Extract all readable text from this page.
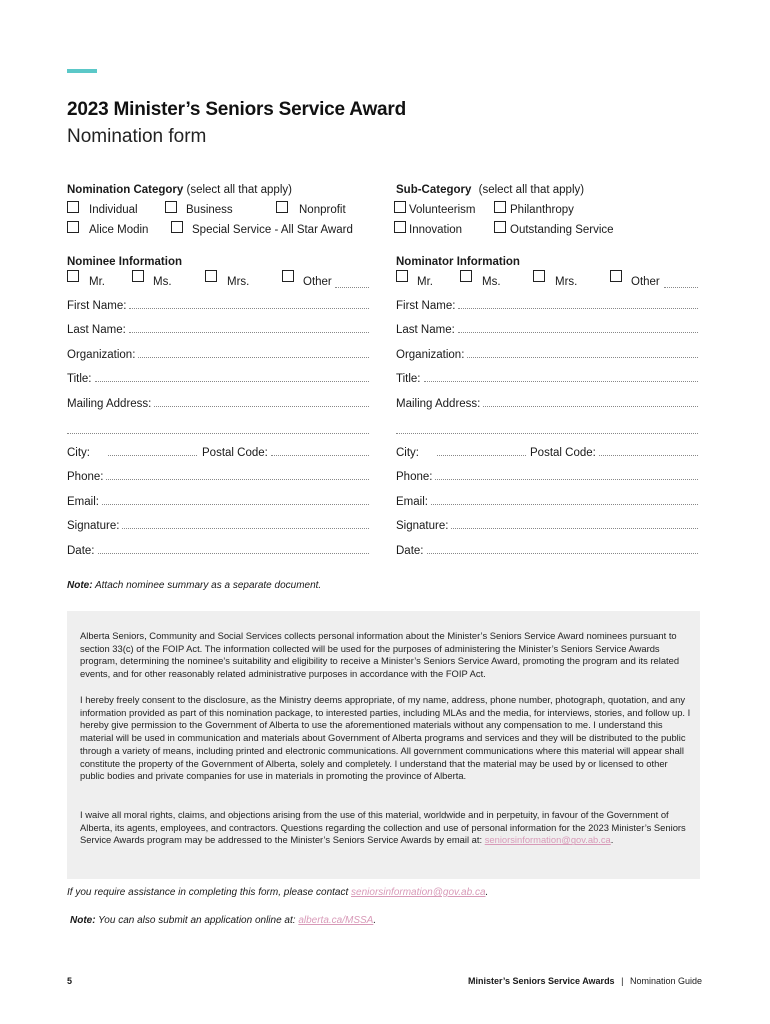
2023 Minister’s Seniors Service Award
Nomination form
Nomination Category (select all that apply)
Individual	Business	Nonprofit
Alice Modin	Special Service - All Star Award
Sub-Category (select all that apply)
Volunteerism	Philanthropy
Innovation	Outstanding Service
Nominee Information
Mr.	Ms.	Mrs.	Other
Nominator Information
Mr.	Ms.	Mrs.	Other
First Name:
Last Name:
Organization:
Title:
Mailing Address:
City:	Postal Code:
Phone:
Email:
Signature:
Date:
First Name:
Last Name:
Organization:
Title:
Mailing Address:
City:	Postal Code:
Phone:
Email:
Signature:
Date:
Note: Attach nominee summary as a separate document.

Alberta Seniors, Community and Social Services collects personal information about the Minister’s Seniors Service Award nominees pursuant to section 33(c) of the FOIP Act. The information collected will be used for the purposes of administering the Minister’s Seniors Service Awards program, determining the nominee’s suitability and eligibility to receive a Minister’s Seniors Service Award, promoting the program and its related events, and for other reasonably related administrative purposes in accordance with the FOIP Act.

I hereby freely consent to the disclosure, as the Ministry deems appropriate, of my name, address, phone number, photograph, quotation, and any information provided as part of this nomination package, to interested parties, including MLAs and the media, for interviews, stories, and follow up. I hereby give permission to the Government of Alberta to use the aforementioned materials without any compensation to me. I understand this material will be used in communication and materials about Government of Alberta programs and services and they will be distributed to the public through a variety of means, including printed and electronic communications. All government communications where this material will appear shall constitute the property of the Government of Alberta, solely and completely. I understand that the material may be used by or licensed to other public bodies and private companies for use in materials in promoting the province of Alberta.

I waive all moral rights, claims, and objections arising from the use of this material, worldwide and in perpetuity, in favour of the Government of Alberta, its agents, employees, and contractors. Questions regarding the collection and use of personal information for the 2023 Minister’s Seniors Service Awards program may be addressed to the Minister’s Seniors Service Awards by email at: seniorsinformation@gov.ab.ca.

If you require assistance in completing this form, please contact seniorsinformation@gov.ab.ca.
Note: You can also submit an application online at: alberta.ca/MSSA.
5	Minister’s Seniors Service Awards | Nomination Guide
